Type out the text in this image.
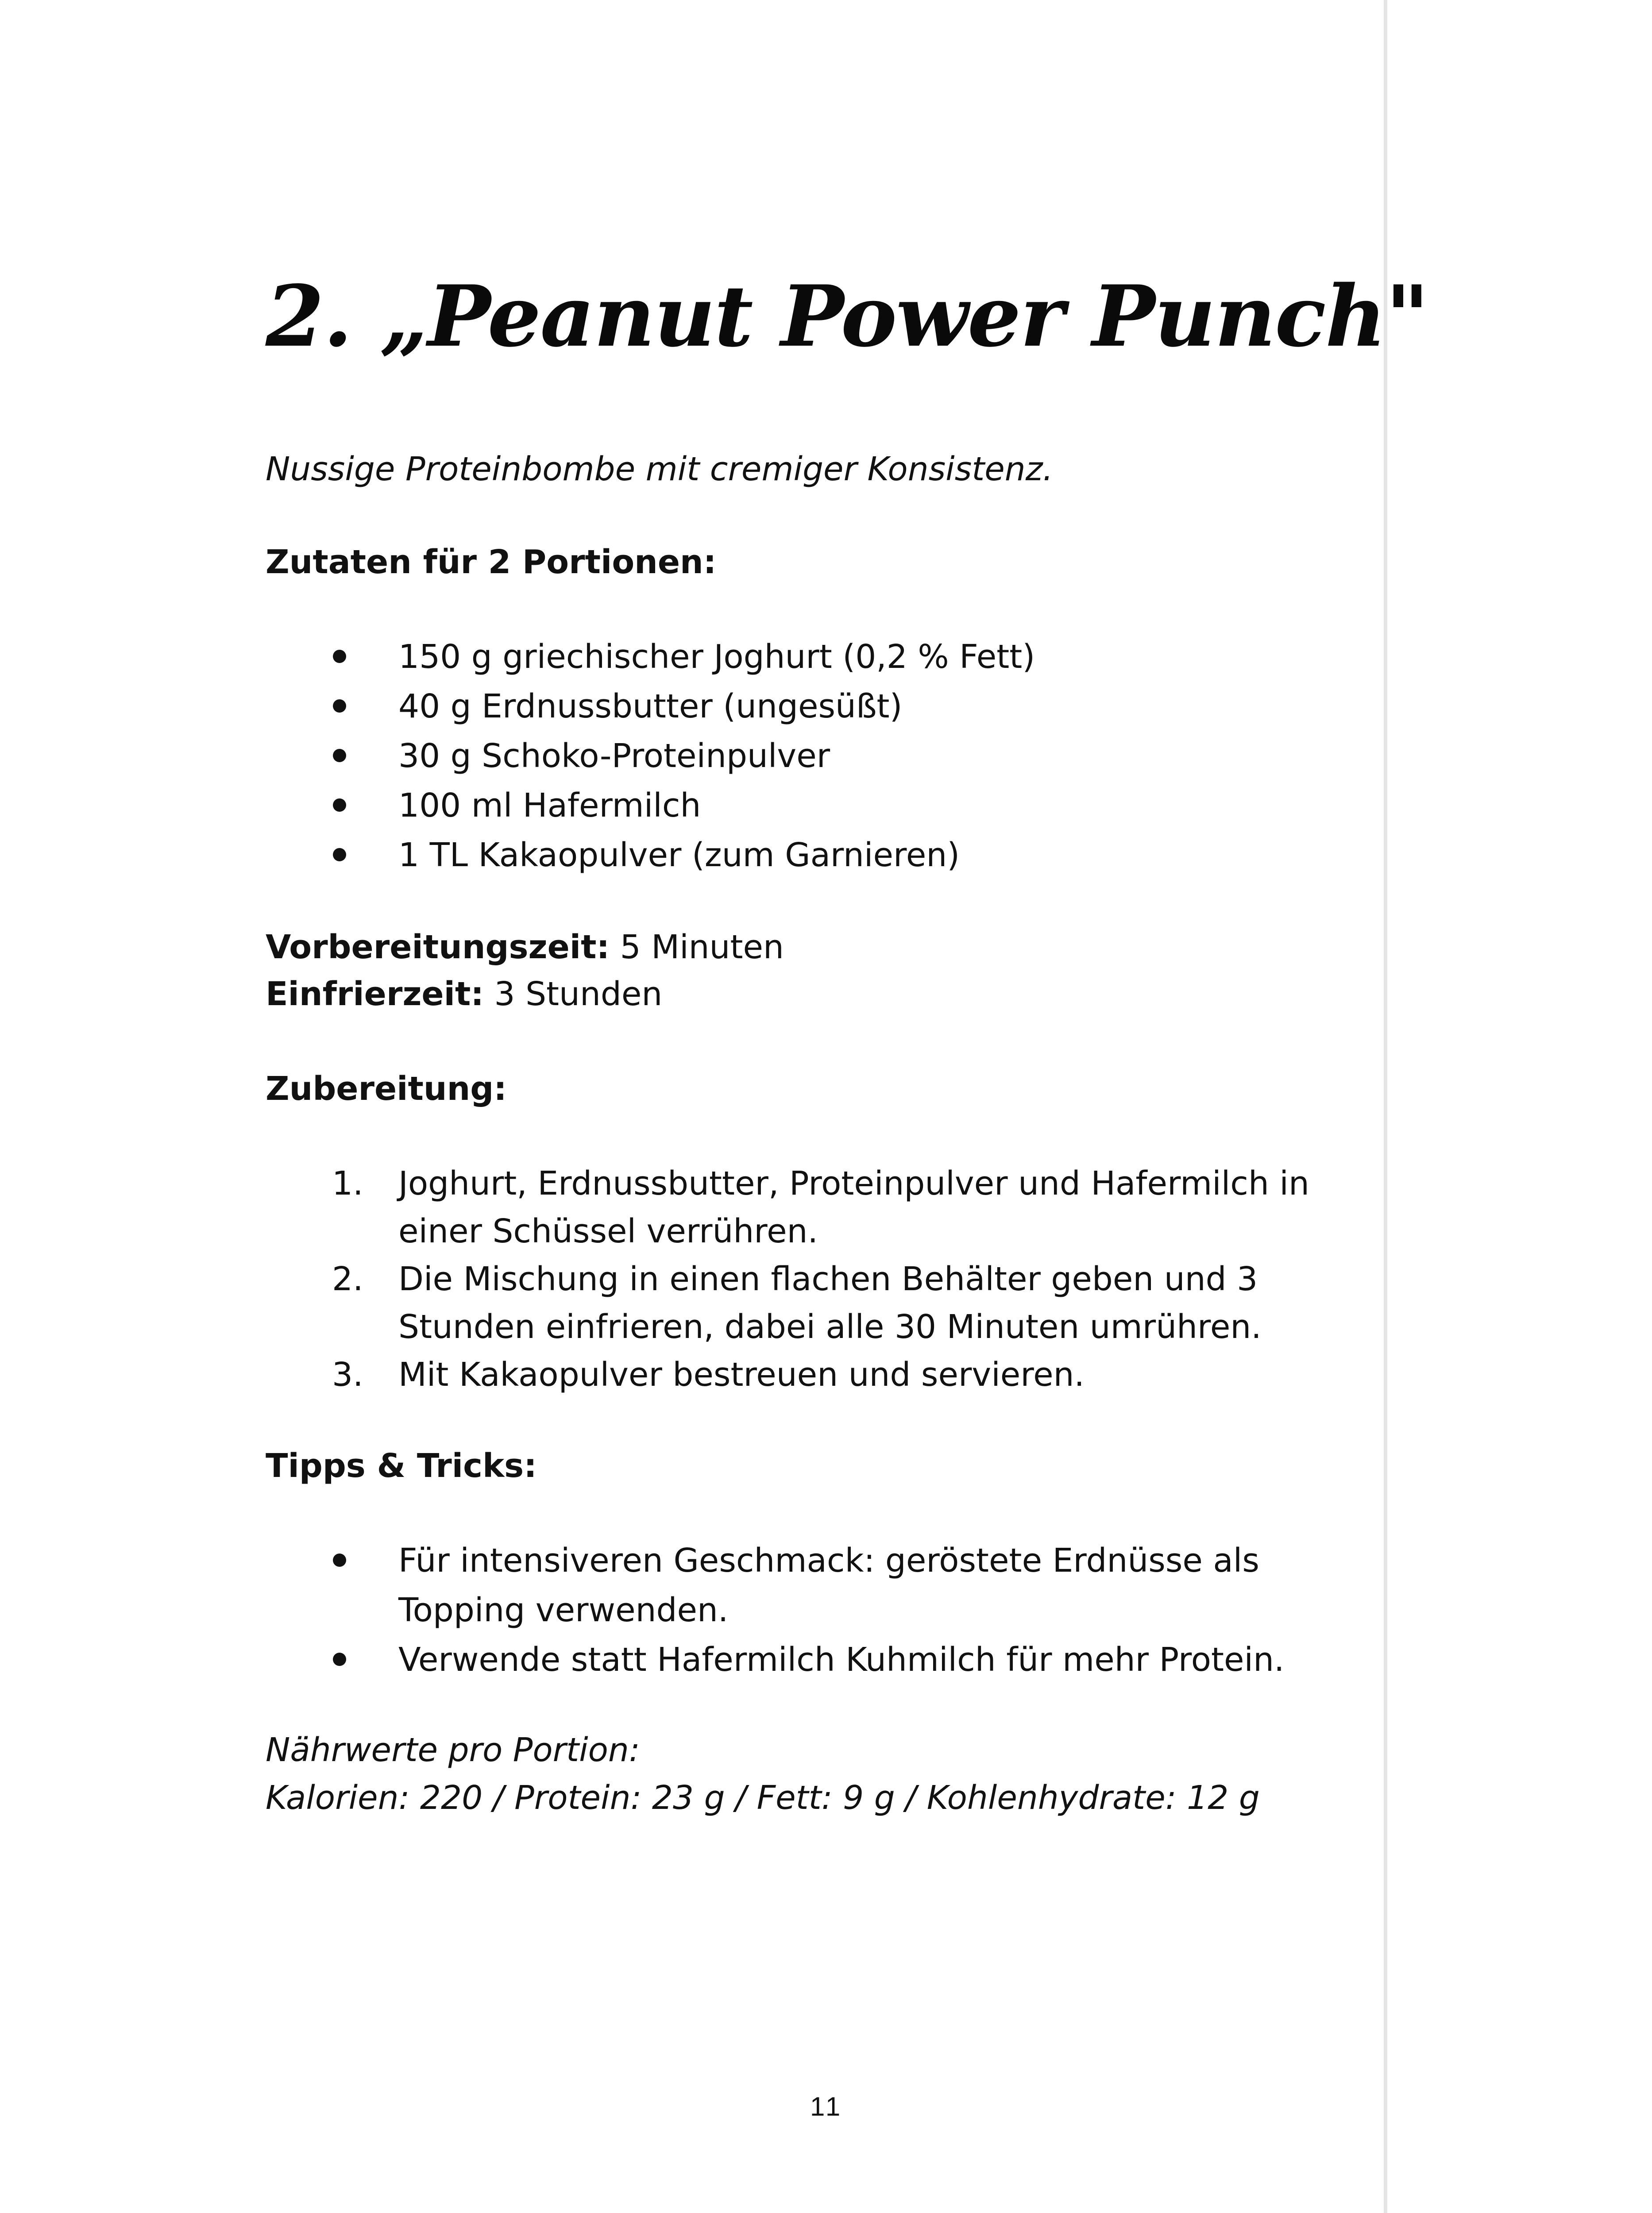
2. „Peanut Power Punch"
Nussige Proteinbombe mit cremiger Konsistenz.
Zutaten für 2 Portionen:
150 g griechischer Joghurt (0,2 % Fett)
40 g Erdnussbutter (ungesüßt)
30 g Schoko-Proteinpulver
100 ml Hafermilch
1 TL Kakaopulver (zum Garnieren)
Vorbereitungszeit: 5 Minuten
Einfrierzeit: 3 Stunden
Zubereitung:
1.	Joghurt, Erdnussbutter, Proteinpulver und Hafermilch in einer Schüssel verrühren.
2.	Die Mischung in einen flachen Behälter geben und 3 Stunden einfrieren, dabei alle 30 Minuten umrühren.
3.	Mit Kakaopulver bestreuen und servieren.
Tipps & Tricks:
Für intensiveren Geschmack: geröstete Erdnüsse als Topping verwenden.
Verwende statt Hafermilch Kuhmilch für mehr Protein.
Nährwerte pro Portion:
Kalorien: 220 / Protein: 23 g / Fett: 9 g / Kohlenhydrate: 12 g
11
